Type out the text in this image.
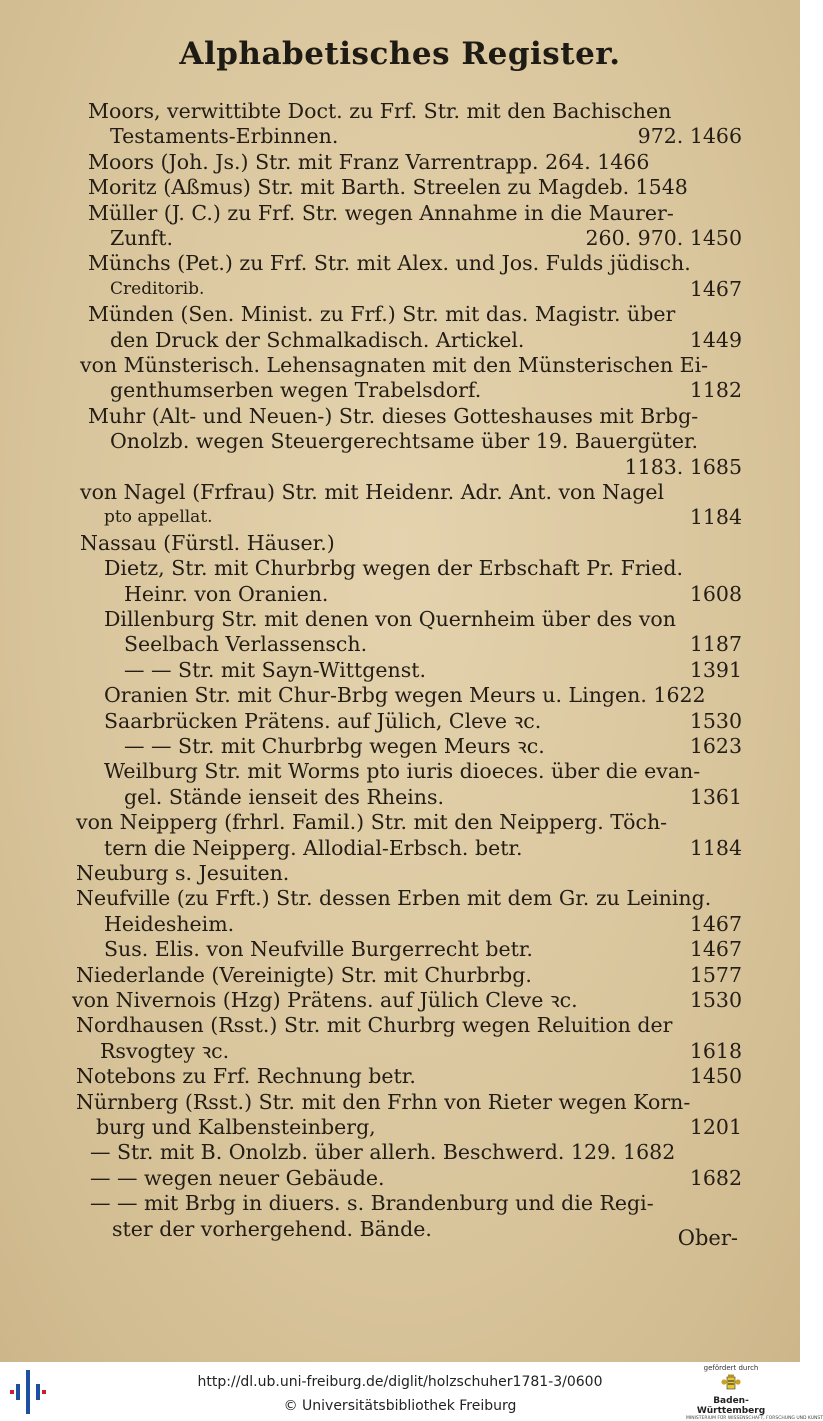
Alphabetisches Register.
Moors, verwittibte Doct. zu Frf. Str. mit den Bachischen
Testaments-Erbinnen.	972. 1466
Moors (Joh. Js.) Str. mit Franz Varrentrapp. 264. 1466
Moritz (Aßmus) Str. mit Barth. Streelen zu Magdeb. 1548
Müller (J. C.) zu Frf. Str. wegen Annahme in die Maurer-
Zunft.	260. 970. 1450
Münchs (Pet.) zu Frf. Str. mit Alex. und Jos. Fulds jüdisch.
Creditorib.	1467
Münden (Sen. Minist. zu Frf.) Str. mit das. Magistr. über
den Druck der Schmalkadisch. Artickel.	1449
von Münsterisch. Lehensagnaten mit den Münsterischen Ei-
genthumserben wegen Trabelsdorf.	1182
Muhr (Alt- und Neuen-) Str. dieses Gotteshauses mit Brbg-
Onolzb. wegen Steuergerechtsame über 19. Bauergüter.
1183. 1685
von Nagel (Frfrau) Str. mit Heidenr. Adr. Ant. von Nagel
pto appellat.	1184
Nassau (Fürstl. Häuser.)
Dietz, Str. mit Churbrbg wegen der Erbschaft Pr. Fried.
Heinr. von Oranien.	1608
Dillenburg Str. mit denen von Quernheim über des von
Seelbach Verlassensch.	1187
— — Str. mit Sayn-Wittgenst.	1391
Oranien Str. mit Chur-Brbg wegen Meurs u. Lingen. 1622
Saarbrücken Prätens. auf Jülich, Cleve ꝛc.	1530
— — Str. mit Churbrbg wegen Meurs ꝛc.	1623
Weilburg Str. mit Worms pto iuris dioeces. über die evan-
gel. Stände ienseit des Rheins.	1361
von Neipperg (frhrl. Famil.) Str. mit den Neipperg. Töch-
tern die Neipperg. Allodial-Erbsch. betr.	1184
Neuburg s. Jesuiten.
Neufville (zu Frft.) Str. dessen Erben mit dem Gr. zu Leining.
Heidesheim.	1467
Sus. Elis. von Neufville Burgerrecht betr.	1467
Niederlande (Vereinigte) Str. mit Churbrbg.	1577
von Nivernois (Hzg) Prätens. auf Jülich Cleve ꝛc.	1530
Nordhausen (Rsst.) Str. mit Churbrg wegen Reluition der
Rsvogtey ꝛc.	1618
Notebons zu Frf. Rechnung betr.	1450
Nürnberg (Rsst.) Str. mit den Frhn von Rieter wegen Korn-
burg und Kalbensteinberg,	1201
— Str. mit B. Onolzb. über allerh. Beschwerd. 129. 1682
— — wegen neuer Gebäude.	1682
— — mit Brbg in diuers. s. Brandenburg und die Regi-
ster der vorhergehend. Bände.	Ober-
http://dl.ub.uni-freiburg.de/diglit/holzschuher1781-3/0600
© Universitätsbibliothek Freiburg
gefördert durch
Baden-Württemberg
MINISTERIUM FÜR WISSENSCHAFT, FORSCHUNG UND KUNST
